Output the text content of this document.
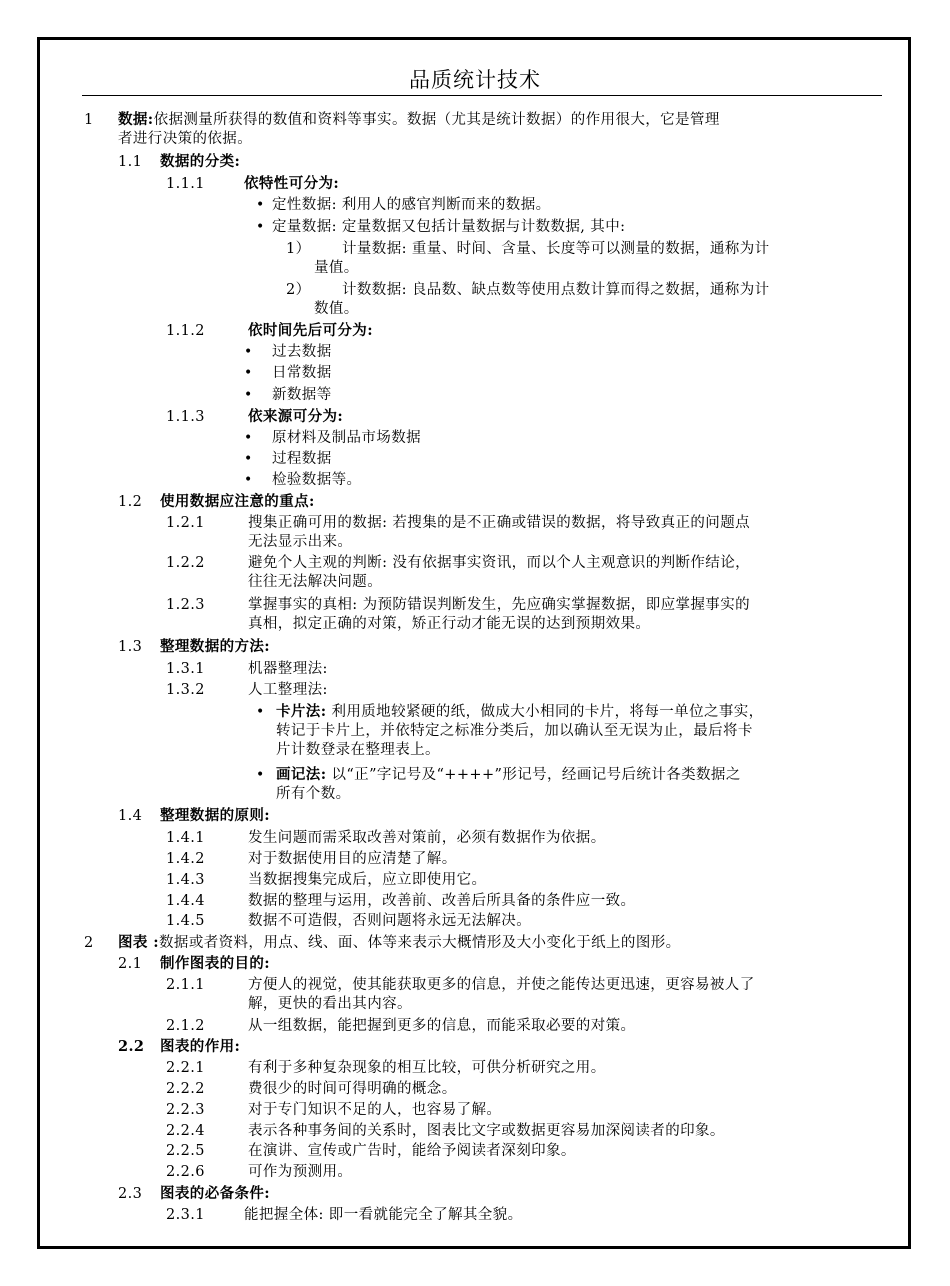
品质统计技术
1 数据:依据测量所获得的数值和资料等事实。数据（尤其是统计数据）的作用很大，它是管理
者进行决策的依据。
1.1 数据的分类:
1.1.1	依特性可分为:
• 定性数据: 利用人的感官判断而来的数据。
• 定量数据: 定量数据又包括计量数据与计数数据, 其中:
1） 计量数据: 重量、时间、含量、长度等可以测量的数据，通称为计
量值。
2） 计数数据: 良品数、缺点数等使用点数计算而得之数据，通称为计
数值。
1.1.2	依时间先后可分为:
• 过去数据
• 日常数据
• 新数据等
1.1.3	依来源可分为:
• 原材料及制品市场数据
• 过程数据
• 检验数据等。
1.2 使用数据应注意的重点:
1.2.1	搜集正确可用的数据: 若搜集的是不正确或错误的数据，将导致真正的问题点
无法显示出来。
1.2.2	避免个人主观的判断: 没有依据事实资讯，而以个人主观意识的判断作结论，
往往无法解决问题。
1.2.3	掌握事实的真相: 为预防错误判断发生，先应确实掌握数据，即应掌握事实的
真相，拟定正确的对策，矫正行动才能无误的达到预期效果。
1.3 整理数据的方法:
1.3.1	机器整理法:
1.3.2	人工整理法:
• 卡片法: 利用质地较紧硬的纸，做成大小相同的卡片，将每一单位之事实，
转记于卡片上，并依特定之标准分类后，加以确认至无误为止，最后将卡
片计数登录在整理表上。
• 画记法: 以“正”字记号及“++++”形记号，经画记号后统计各类数据之
所有个数。
1.4 整理数据的原则:
1.4.1	发生问题而需采取改善对策前，必须有数据作为依据。
1.4.2	对于数据使用目的应清楚了解。
1.4.3	当数据搜集完成后，应立即使用它。
1.4.4	数据的整理与运用，改善前、改善后所具备的条件应一致。
1.4.5	数据不可造假，否则问题将永远无法解决。
2 图表 :数据或者资料，用点、线、面、体等来表示大概情形及大小变化于纸上的图形。
2.1 制作图表的目的:
2.1.1	方便人的视觉，使其能获取更多的信息，并使之能传达更迅速，更容易被人了
解，更快的看出其内容。
2.1.2	从一组数据，能把握到更多的信息，而能采取必要的对策。
2.2 图表的作用:
2.2.1	有利于多种复杂现象的相互比较，可供分析研究之用。
2.2.2	费很少的时间可得明确的概念。
2.2.3	对于专门知识不足的人，也容易了解。
2.2.4	表示各种事务间的关系时，图表比文字或数据更容易加深阅读者的印象。
2.2.5	在演讲、宣传或广告时，能给予阅读者深刻印象。
2.2.6	可作为预测用。
2.3 图表的必备条件:
2.3.1	能把握全体: 即一看就能完全了解其全貌。
